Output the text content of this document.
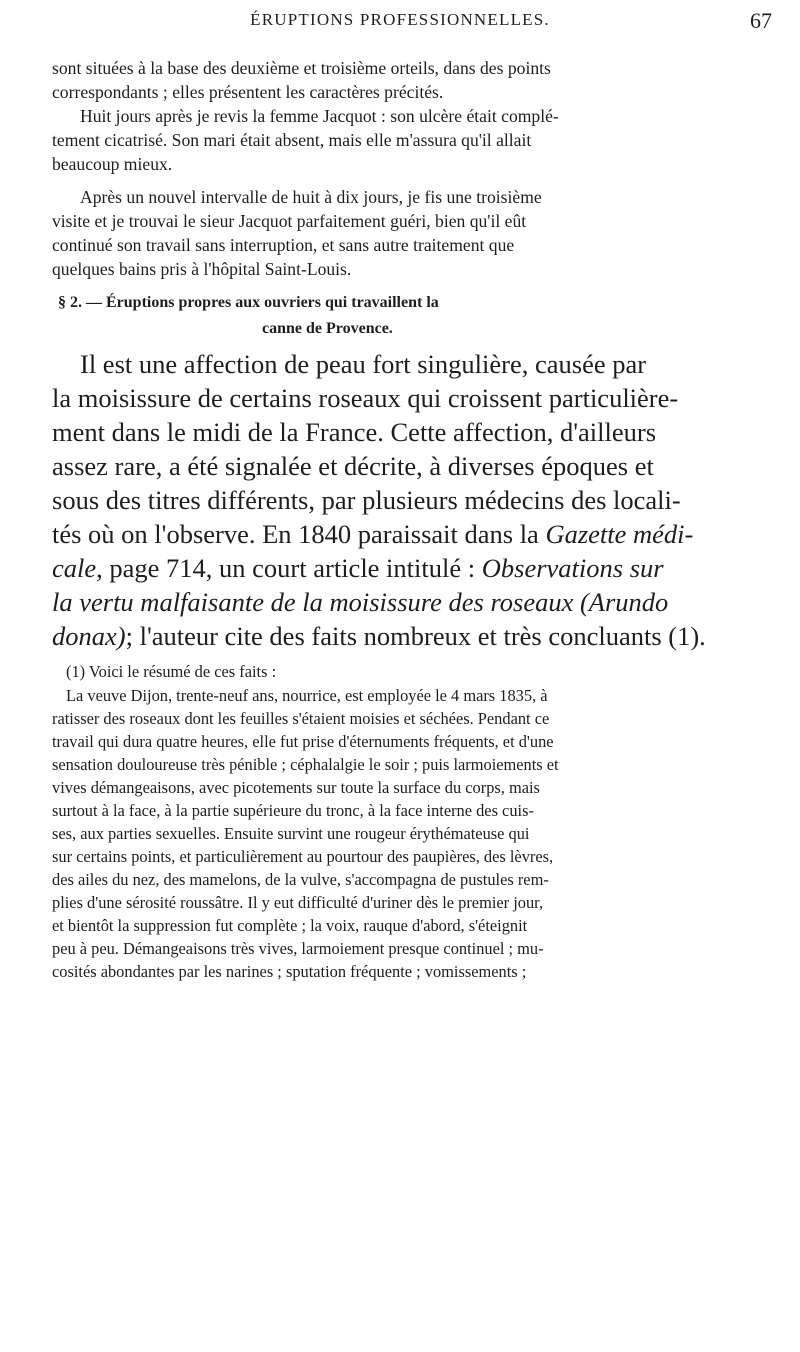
ÉRUPTIONS PROFESSIONNELLES.	67
sont situées à la base des deuxième et troisième orteils, dans des points
correspondants ; elles présentent les caractères précités.
Huit jours après je revis la femme Jacquot : son ulcère était complé-
tement cicatrisé. Son mari était absent, mais elle m'assura qu'il allait
beaucoup mieux.
Après un nouvel intervalle de huit à dix jours, je fis une troisième
visite et je trouvai le sieur Jacquot parfaitement guéri, bien qu'il eût
continué son travail sans interruption, et sans autre traitement que
quelques bains pris à l'hôpital Saint-Louis.
§ 2. — Éruptions propres aux ouvriers qui travaillent la
canne de Provence.
Il est une affection de peau fort singulière, causée par
la moisissure de certains roseaux qui croissent particulière-
ment dans le midi de la France. Cette affection, d'ailleurs
assez rare, a été signalée et décrite, à diverses époques et
sous des titres différents, par plusieurs médecins des locali-
tés où on l'observe. En 1840 paraissait dans la Gazette médi-
cale, page 714, un court article intitulé : Observations sur
la vertu malfaisante de la moisissure des roseaux (Arundo
donax); l'auteur cite des faits nombreux et très concluants (1).
(1) Voici le résumé de ces faits :
La veuve Dijon, trente-neuf ans, nourrice, est employée le 4 mars 1835, à
ratisser des roseaux dont les feuilles s'étaient moisies et séchées. Pendant ce
travail qui dura quatre heures, elle fut prise d'éternuments fréquents, et d'une
sensation douloureuse très pénible ; céphalalgie le soir ; puis larmoiements et
vives démangeaisons, avec picotements sur toute la surface du corps, mais
surtout à la face, à la partie supérieure du tronc, à la face interne des cuis-
ses, aux parties sexuelles. Ensuite survint une rougeur érythémateuse qui
sur certains points, et particulièrement au pourtour des paupières, des lèvres,
des ailes du nez, des mamelons, de la vulve, s'accompagna de pustules rem-
plies d'une sérosité roussâtre. Il y eut difficulté d'uriner dès le premier jour,
et bientôt la suppression fut complète ; la voix, rauque d'abord, s'éteignit
peu à peu. Démangeaisons très vives, larmoiement presque continuel ; mu-
cosités abondantes par les narines ; sputation fréquente ; vomissements ;
